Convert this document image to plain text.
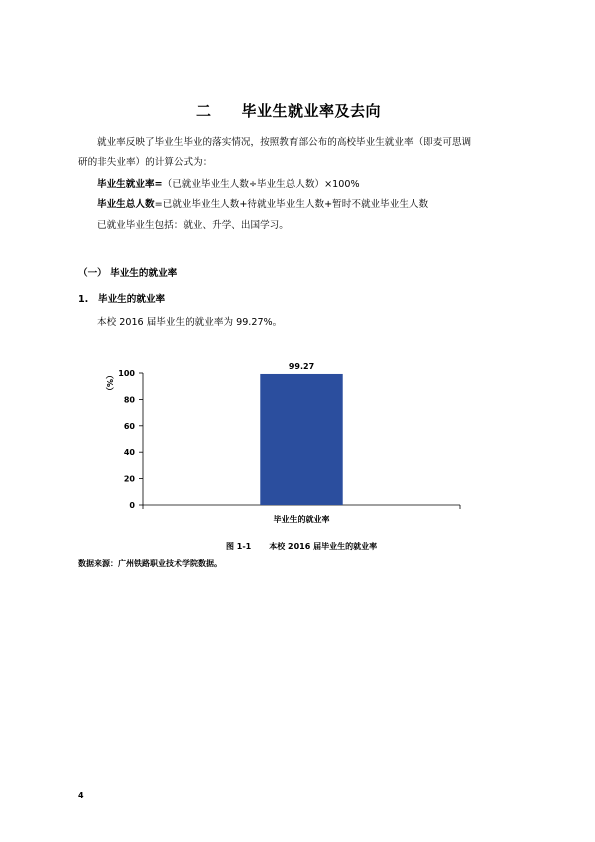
二 毕业生就业率及去向
就业率反映了毕业生毕业的落实情况，按照教育部公布的高校毕业生就业率（即麦可思调
研的非失业率）的计算公式为：
毕业生就业率=（已就业毕业生人数÷毕业生总人数）×100%
毕业生总人数=已就业毕业生人数+待就业毕业生人数+暂时不就业毕业生人数
已就业毕业生包括：就业、升学、出国学习。
（一） 毕业生的就业率
1. 毕业生的就业率
本校 2016 届毕业生的就业率为 99.27%。
0
20
40
60
80
100
毕业生的就业率
99.27
（%）
图 1-1 本校 2016 届毕业生的就业率
数据来源：广州铁路职业技术学院数据。
4
